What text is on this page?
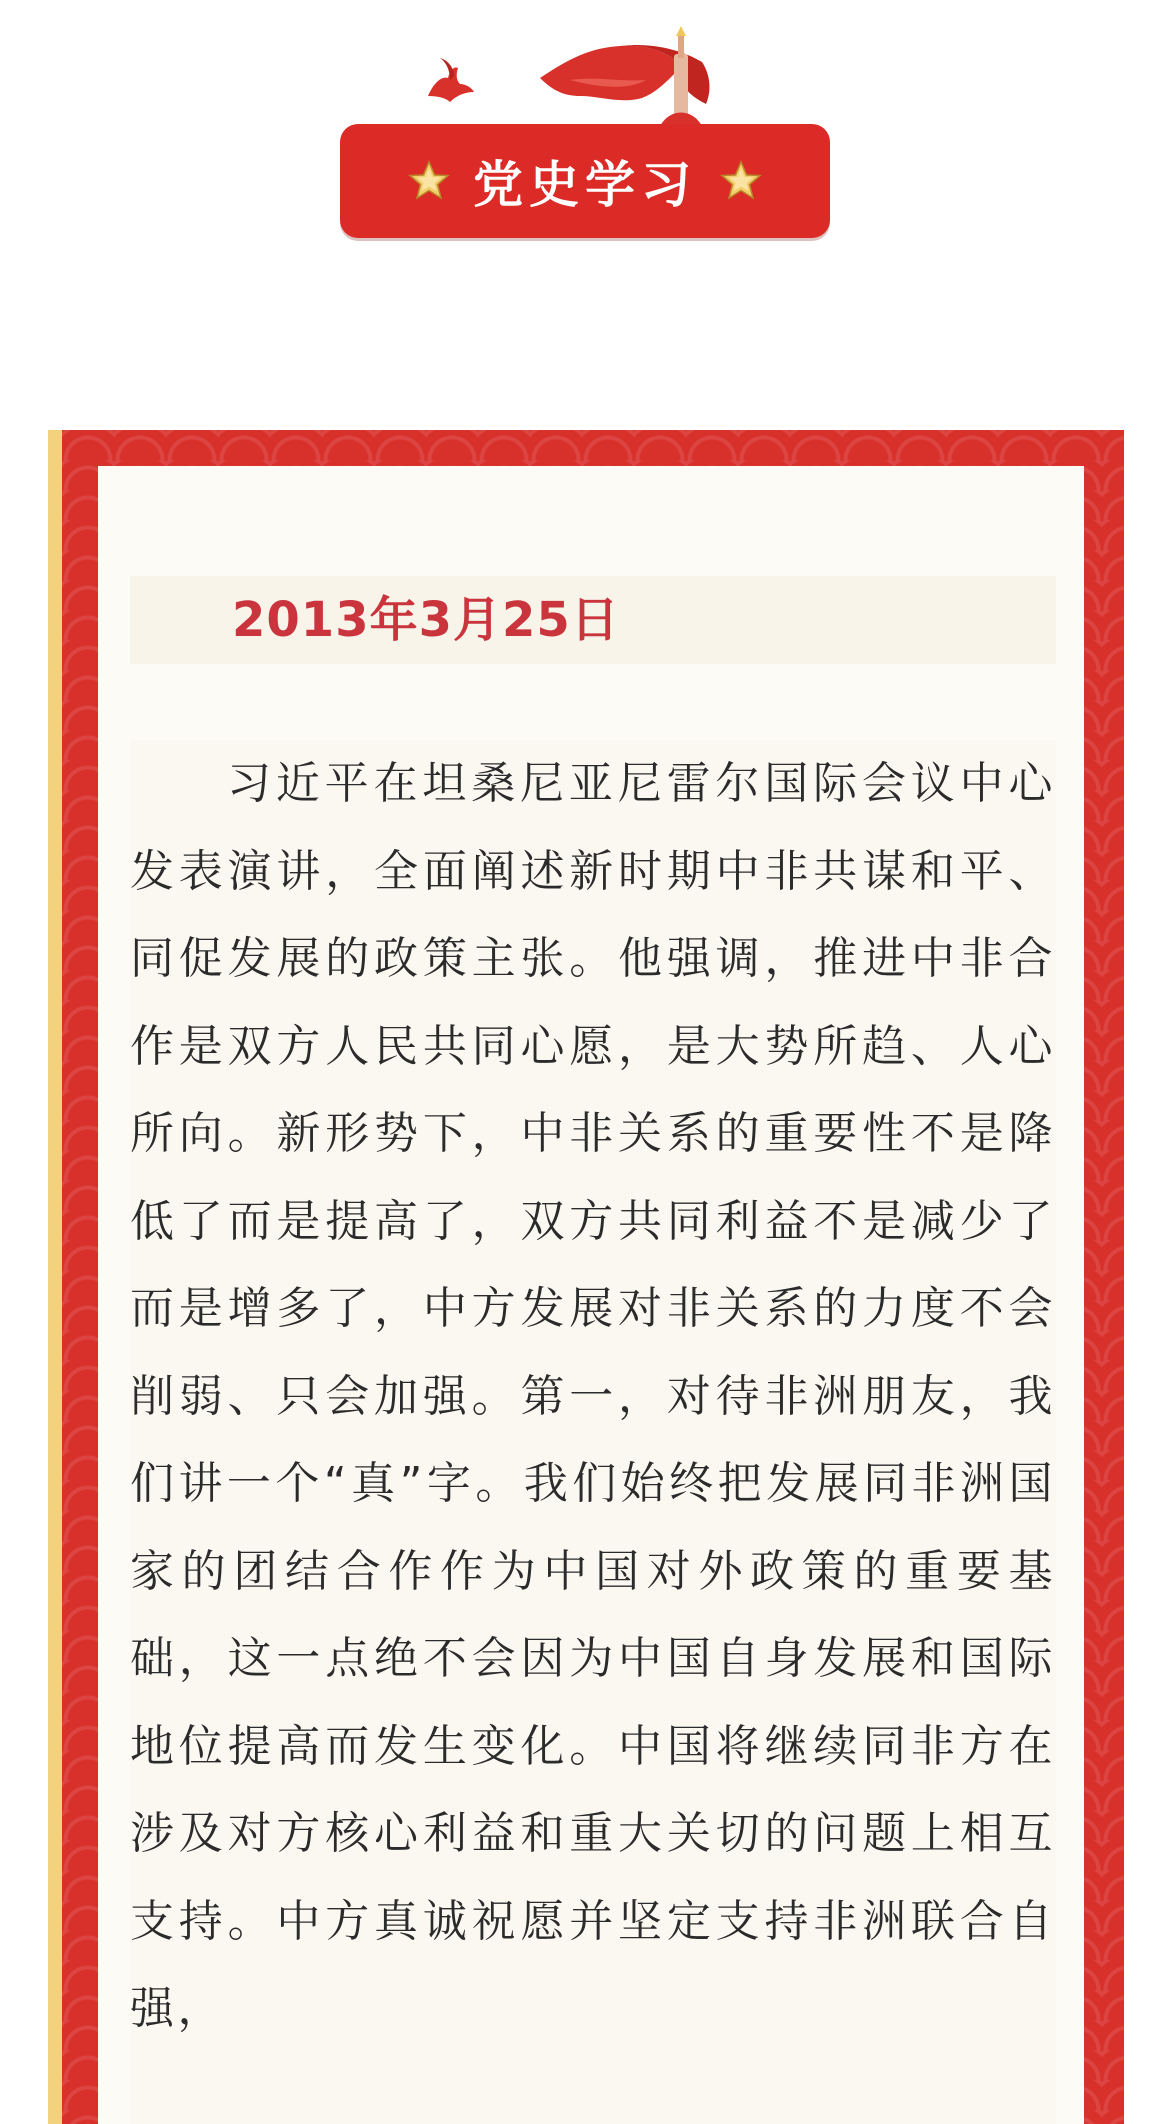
党史学习
2013年3月25日

习近平在坦桑尼亚尼雷尔国际会议中心发表演讲，全面阐述新时期中非共谋和平、同促发展的政策主张。他强调，推进中非合作是双方人民共同心愿，是大势所趋、人心所向。新形势下，中非关系的重要性不是降低了而是提高了，双方共同利益不是减少了而是增多了，中方发展对非关系的力度不会削弱、只会加强。第一，对待非洲朋友，我们讲一个“真”字。我们始终把发展同非洲国家的团结合作作为中国对外政策的重要基础，这一点绝不会因为中国自身发展和国际地位提高而发生变化。中国将继续同非方在涉及对方核心利益和重大关切的问题上相互支持。中方真诚祝愿并坚定支持非洲联合自强，
